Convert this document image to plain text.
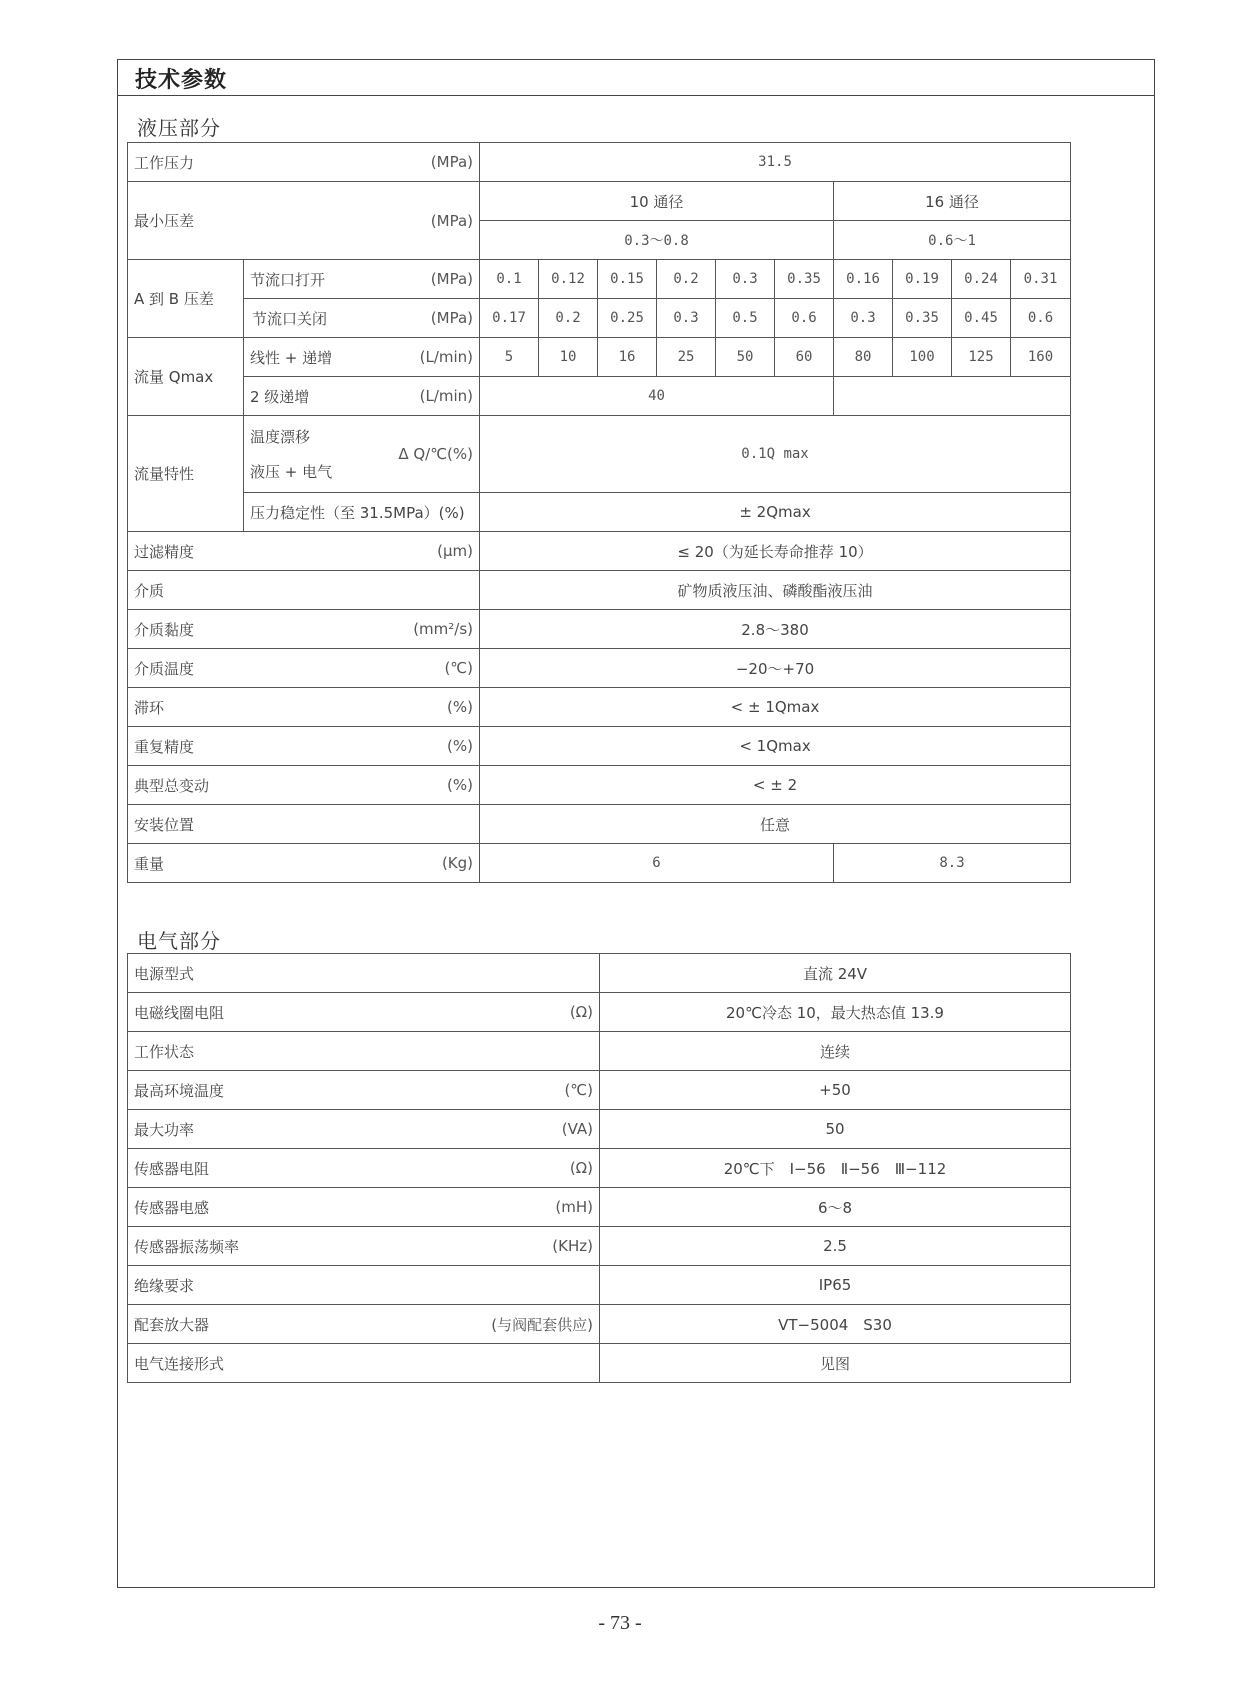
技术参数
液压部分
工作压力 (MPa)		31.5									

最小压差 (MPa)		10 通径						16 通径			
		0.3～0.8						0.6～1			
A 到 B 压差	节流口打开 (MPa)	0.1	0.12	0.15	0.2	0.3	0.35	0.16	0.19	0.24	0.31

	节流口关闭 (MPa)	0.17	0.2	0.25	0.3	0.5	0.6	0.3	0.35	0.45	0.6
流量 Qmax	线性 + 递增 (L/min)	5	10	16	25	50	60	80	100	125	160

	2 级递增 (L/min)	40									
流量特性	温度漂移
液压 + 电气
Δ Q/℃(%)	0.1Q max									
	压力稳定性（至 31.5MPa）(%)	± 2Qmax									

过滤精度 (μm)		≤ 20（为延长寿命推荐 10）									

介质		矿物质液压油、磷酸酯液压油									

介质黏度 (mm²/s)		2.8～380									

介质温度 (℃)		−20～+70									

滞环 (%)		< ± 1Qmax									

重复精度 (%)		< 1Qmax									

典型总变动 (%)		< ± 2									

安装位置		任意									

重量 (Kg)		6						8.3			
电气部分
电源型式	直流 24V

电磁线圈电阻 (Ω)	20℃冷态 10，最大热态值 13.9

工作状态	连续

最高环境温度 (℃)	+50

最大功率 (VA)	50

传感器电阻 (Ω)	20℃下　Ⅰ−56　Ⅱ−56　Ⅲ−112

传感器电感 (mH)	6～8

传感器振荡频率 (KHz)	2.5

绝缘要求	IP65

配套放大器 (与阀配套供应)	VT−5004　S30

电气连接形式	见图
- 73 -
